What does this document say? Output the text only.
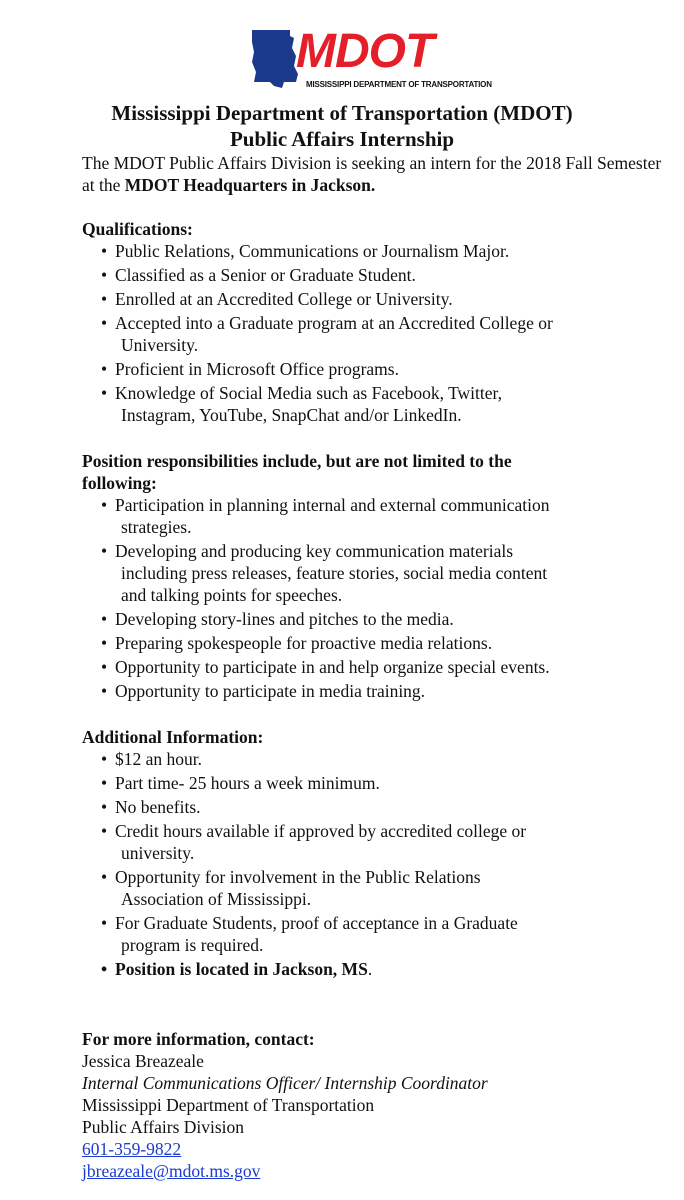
MDOT
MISSISSIPPI DEPARTMENT OF TRANSPORTATION
Mississippi Department of Transportation (MDOT)
Public Affairs Internship

The MDOT Public Affairs Division is seeking an intern for the 2018 Fall Semester at the MDOT Headquarters in Jackson.

Qualifications:

• Public Relations, Communications or Journalism Major.
• Classified as a Senior or Graduate Student.
• Enrolled at an Accredited College or University.
• Accepted into a Graduate program at an Accredited College or
University.
• Proficient in Microsoft Office programs.
• Knowledge of Social Media such as Facebook, Twitter,
Instagram, YouTube, SnapChat and/or LinkedIn.

Position responsibilities include, but are not limited to the
following:

• Participation in planning internal and external communication
strategies.
• Developing and producing key communication materials
including press releases, feature stories, social media content
and talking points for speeches.
• Developing story-lines and pitches to the media.
• Preparing spokespeople for proactive media relations.
• Opportunity to participate in and help organize special events.
• Opportunity to participate in media training.

Additional Information:

• $12 an hour.
• Part time- 25 hours a week minimum.
• No benefits.
• Credit hours available if approved by accredited college or
university.
• Opportunity for involvement in the Public Relations
Association of Mississippi.
• For Graduate Students, proof of acceptance in a Graduate
program is required.
• Position is located in Jackson, MS.

For more information, contact:

Jessica Breazeale

Internal Communications Officer/ Internship Coordinator

Mississippi Department of Transportation

Public Affairs Division

601-359-9822

jbreazeale@mdot.ms.gov
